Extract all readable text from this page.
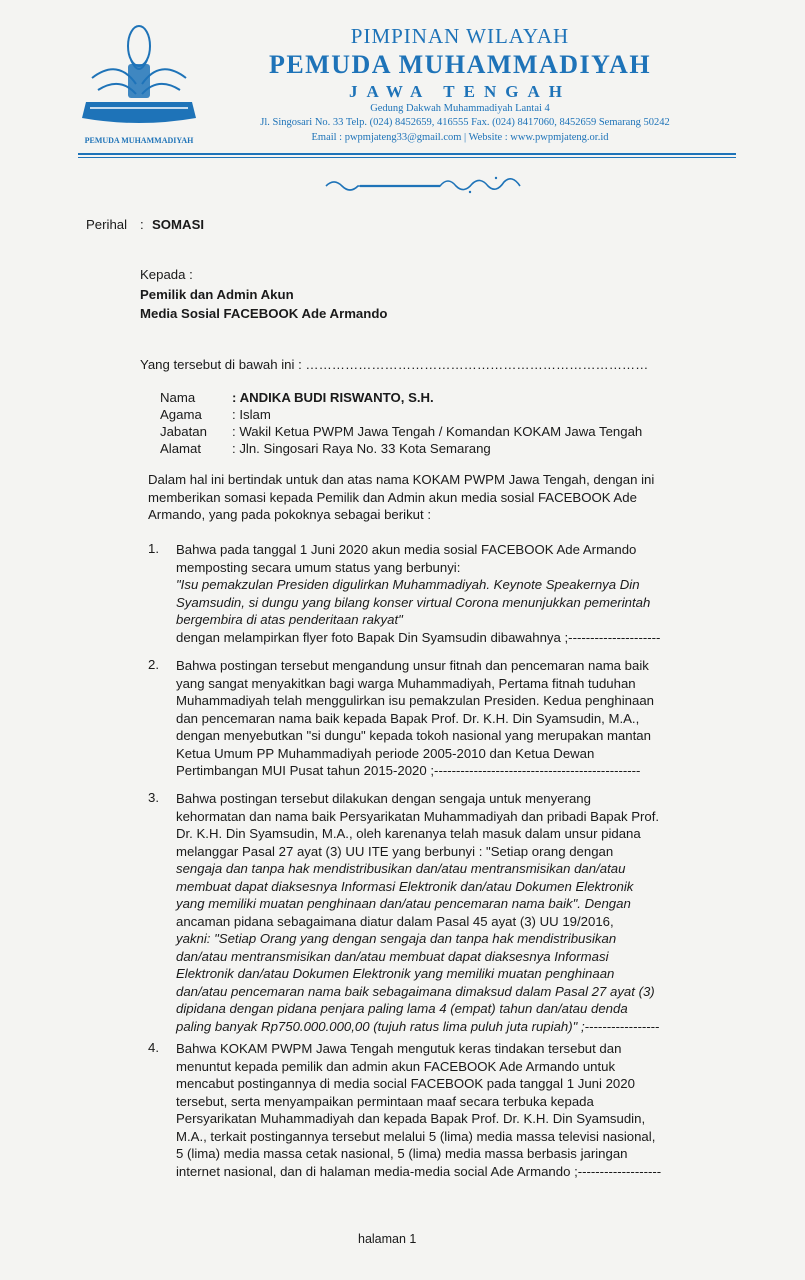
PEMUDA MUHAMMADIYAH
PIMPINAN WILAYAH
PEMUDA MUHAMMADIYAH
JAWA TENGAH
Gedung Dakwah Muhammadiyah Lantai 4
Jl. Singosari No. 33 Telp. (024) 8452659, 416555 Fax. (024) 8417060, 8452659 Semarang 50242
Email : pwpmjateng33@gmail.com | Website : www.pwpmjateng.or.id
Perihal : SOMASI
Kepada :
Pemilik dan Admin Akun
Media Sosial FACEBOOK Ade Armando
Yang tersebut di bawah ini : ……………………………………………………………………
Nama	: ANDIKA BUDI RISWANTO, S.H.
Agama : Islam
Jabatan : Wakil Ketua PWPM Jawa Tengah / Komandan KOKAM Jawa Tengah
Alamat : Jln. Singosari Raya No. 33 Kota Semarang
Dalam hal ini bertindak untuk dan atas nama KOKAM PWPM Jawa Tengah, dengan ini
memberikan somasi kepada Pemilik dan Admin akun media sosial FACEBOOK Ade
Armando, yang pada pokoknya sebagai berikut :
1. Bahwa pada tanggal 1 Juni 2020 akun media sosial FACEBOOK Ade Armando
memposting secara umum status yang berbunyi:
"Isu pemakzulan Presiden digulirkan Muhammadiyah. Keynote Speakernya Din
Syamsudin, si dungu yang bilang konser virtual Corona menunjukkan pemerintah
bergembira di atas penderitaan rakyat"
dengan melampirkan flyer foto Bapak Din Syamsudin dibawahnya ;---------------------
2. Bahwa postingan tersebut mengandung unsur fitnah dan pencemaran nama baik
yang sangat menyakitkan bagi warga Muhammadiyah, Pertama fitnah tuduhan
Muhammadiyah telah menggulirkan isu pemakzulan Presiden. Kedua penghinaan
dan pencemaran nama baik kepada Bapak Prof. Dr. K.H. Din Syamsudin, M.A.,
dengan menyebutkan "si dungu" kepada tokoh nasional yang merupakan mantan
Ketua Umum PP Muhammadiyah periode 2005-2010 dan Ketua Dewan
Pertimbangan MUI Pusat tahun 2015-2020 ;-----------------------------------------------
3. Bahwa postingan tersebut dilakukan dengan sengaja untuk menyerang
kehormatan dan nama baik Persyarikatan Muhammadiyah dan pribadi Bapak Prof.
Dr. K.H. Din Syamsudin, M.A., oleh karenanya telah masuk dalam unsur pidana
melanggar Pasal 27 ayat (3) UU ITE yang berbunyi : "Setiap orang dengan
sengaja dan tanpa hak mendistribusikan dan/atau mentransmisikan dan/atau
membuat dapat diaksesnya Informasi Elektronik dan/atau Dokumen Elektronik
yang memiliki muatan penghinaan dan/atau pencemaran nama baik". Dengan
ancaman pidana sebagaimana diatur dalam Pasal 45 ayat (3) UU 19/2016,
yakni: "Setiap Orang yang dengan sengaja dan tanpa hak mendistribusikan
dan/atau mentransmisikan dan/atau membuat dapat diaksesnya Informasi
Elektronik dan/atau Dokumen Elektronik yang memiliki muatan penghinaan
dan/atau pencemaran nama baik sebagaimana dimaksud dalam Pasal 27 ayat (3)
dipidana dengan pidana penjara paling lama 4 (empat) tahun dan/atau denda
paling banyak Rp750.000.000,00 (tujuh ratus lima puluh juta rupiah)" ;-----------------
4. Bahwa KOKAM PWPM Jawa Tengah mengutuk keras tindakan tersebut dan
menuntut kepada pemilik dan admin akun FACEBOOK Ade Armando untuk
mencabut postingannya di media social FACEBOOK pada tanggal 1 Juni 2020
tersebut, serta menyampaikan permintaan maaf secara terbuka kepada
Persyarikatan Muhammadiyah dan kepada Bapak Prof. Dr. K.H. Din Syamsudin,
M.A., terkait postingannya tersebut melalui 5 (lima) media massa televisi nasional,
5 (lima) media massa cetak nasional, 5 (lima) media massa berbasis jaringan
internet nasional, dan di halaman media-media social Ade Armando ;-------------------
halaman 1
